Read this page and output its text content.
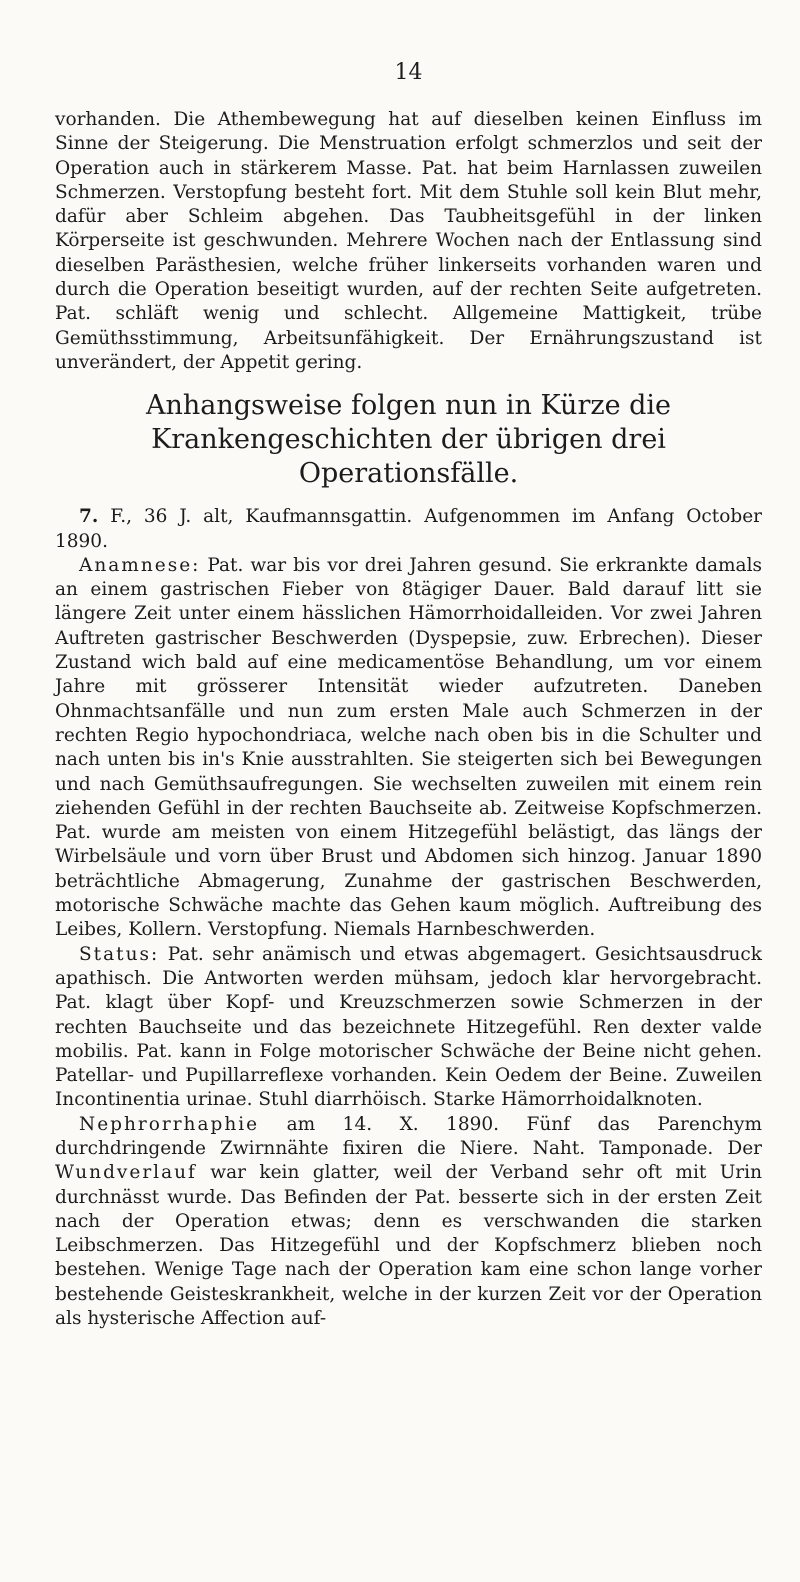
14

vorhanden. Die Athembewegung hat auf dieselben keinen Einfluss im Sinne der Steigerung. Die Menstruation erfolgt schmerzlos und seit der Operation auch in stärkerem Masse. Pat. hat beim Harnlassen zuweilen Schmerzen. Verstopfung besteht fort. Mit dem Stuhle soll kein Blut mehr, dafür aber Schleim abgehen. Das Taubheitsgefühl in der linken Körperseite ist geschwunden. Mehrere Wochen nach der Entlassung sind dieselben Parästhesien, welche früher linkerseits vorhanden waren und durch die Operation beseitigt wurden, auf der rechten Seite aufgetreten. Pat. schläft wenig und schlecht. Allgemeine Mattigkeit, trübe Gemüthsstimmung, Arbeitsunfähigkeit. Der Ernährungszustand ist unverändert, der Appetit gering.

Anhangsweise folgen nun in Kürze die Krankengeschichten der übrigen drei Operationsfälle.

7. F., 36 J. alt, Kaufmannsgattin. Aufgenommen im Anfang October 1890.

Anamnese: Pat. war bis vor drei Jahren gesund. Sie erkrankte damals an einem gastrischen Fieber von 8tägiger Dauer. Bald darauf litt sie längere Zeit unter einem hässlichen Hämorrhoidalleiden. Vor zwei Jahren Auftreten gastrischer Beschwerden (Dyspepsie, zuw. Erbrechen). Dieser Zustand wich bald auf eine medicamentöse Behandlung, um vor einem Jahre mit grösserer Intensität wieder aufzutreten. Daneben Ohnmachtsanfälle und nun zum ersten Male auch Schmerzen in der rechten Regio hypochondriaca, welche nach oben bis in die Schulter und nach unten bis in's Knie ausstrahlten. Sie steigerten sich bei Bewegungen und nach Gemüthsaufregungen. Sie wechselten zuweilen mit einem rein ziehenden Gefühl in der rechten Bauchseite ab. Zeitweise Kopfschmerzen. Pat. wurde am meisten von einem Hitzegefühl belästigt, das längs der Wirbelsäule und vorn über Brust und Abdomen sich hinzog. Januar 1890 beträchtliche Abmagerung, Zunahme der gastrischen Beschwerden, motorische Schwäche machte das Gehen kaum möglich. Auftreibung des Leibes, Kollern. Verstopfung. Niemals Harnbeschwerden.

Status: Pat. sehr anämisch und etwas abgemagert. Gesichtsausdruck apathisch. Die Antworten werden mühsam, jedoch klar hervorgebracht. Pat. klagt über Kopf- und Kreuzschmerzen sowie Schmerzen in der rechten Bauchseite und das bezeichnete Hitzegefühl. Ren dexter valde mobilis. Pat. kann in Folge motorischer Schwäche der Beine nicht gehen. Patellar- und Pupillarreflexe vorhanden. Kein Oedem der Beine. Zuweilen Incontinentia urinae. Stuhl diarrhöisch. Starke Hämorrhoidalknoten.

Nephrorrhaphie am 14. X. 1890. Fünf das Parenchym durchdringende Zwirnnähte fixiren die Niere. Naht. Tamponade. Der Wundverlauf war kein glatter, weil der Verband sehr oft mit Urin durchnässt wurde. Das Befinden der Pat. besserte sich in der ersten Zeit nach der Operation etwas; denn es verschwanden die starken Leibschmerzen. Das Hitzegefühl und der Kopfschmerz blieben noch bestehen. Wenige Tage nach der Operation kam eine schon lange vorher bestehende Geisteskrankheit, welche in der kurzen Zeit vor der Operation als hysterische Affection auf-
